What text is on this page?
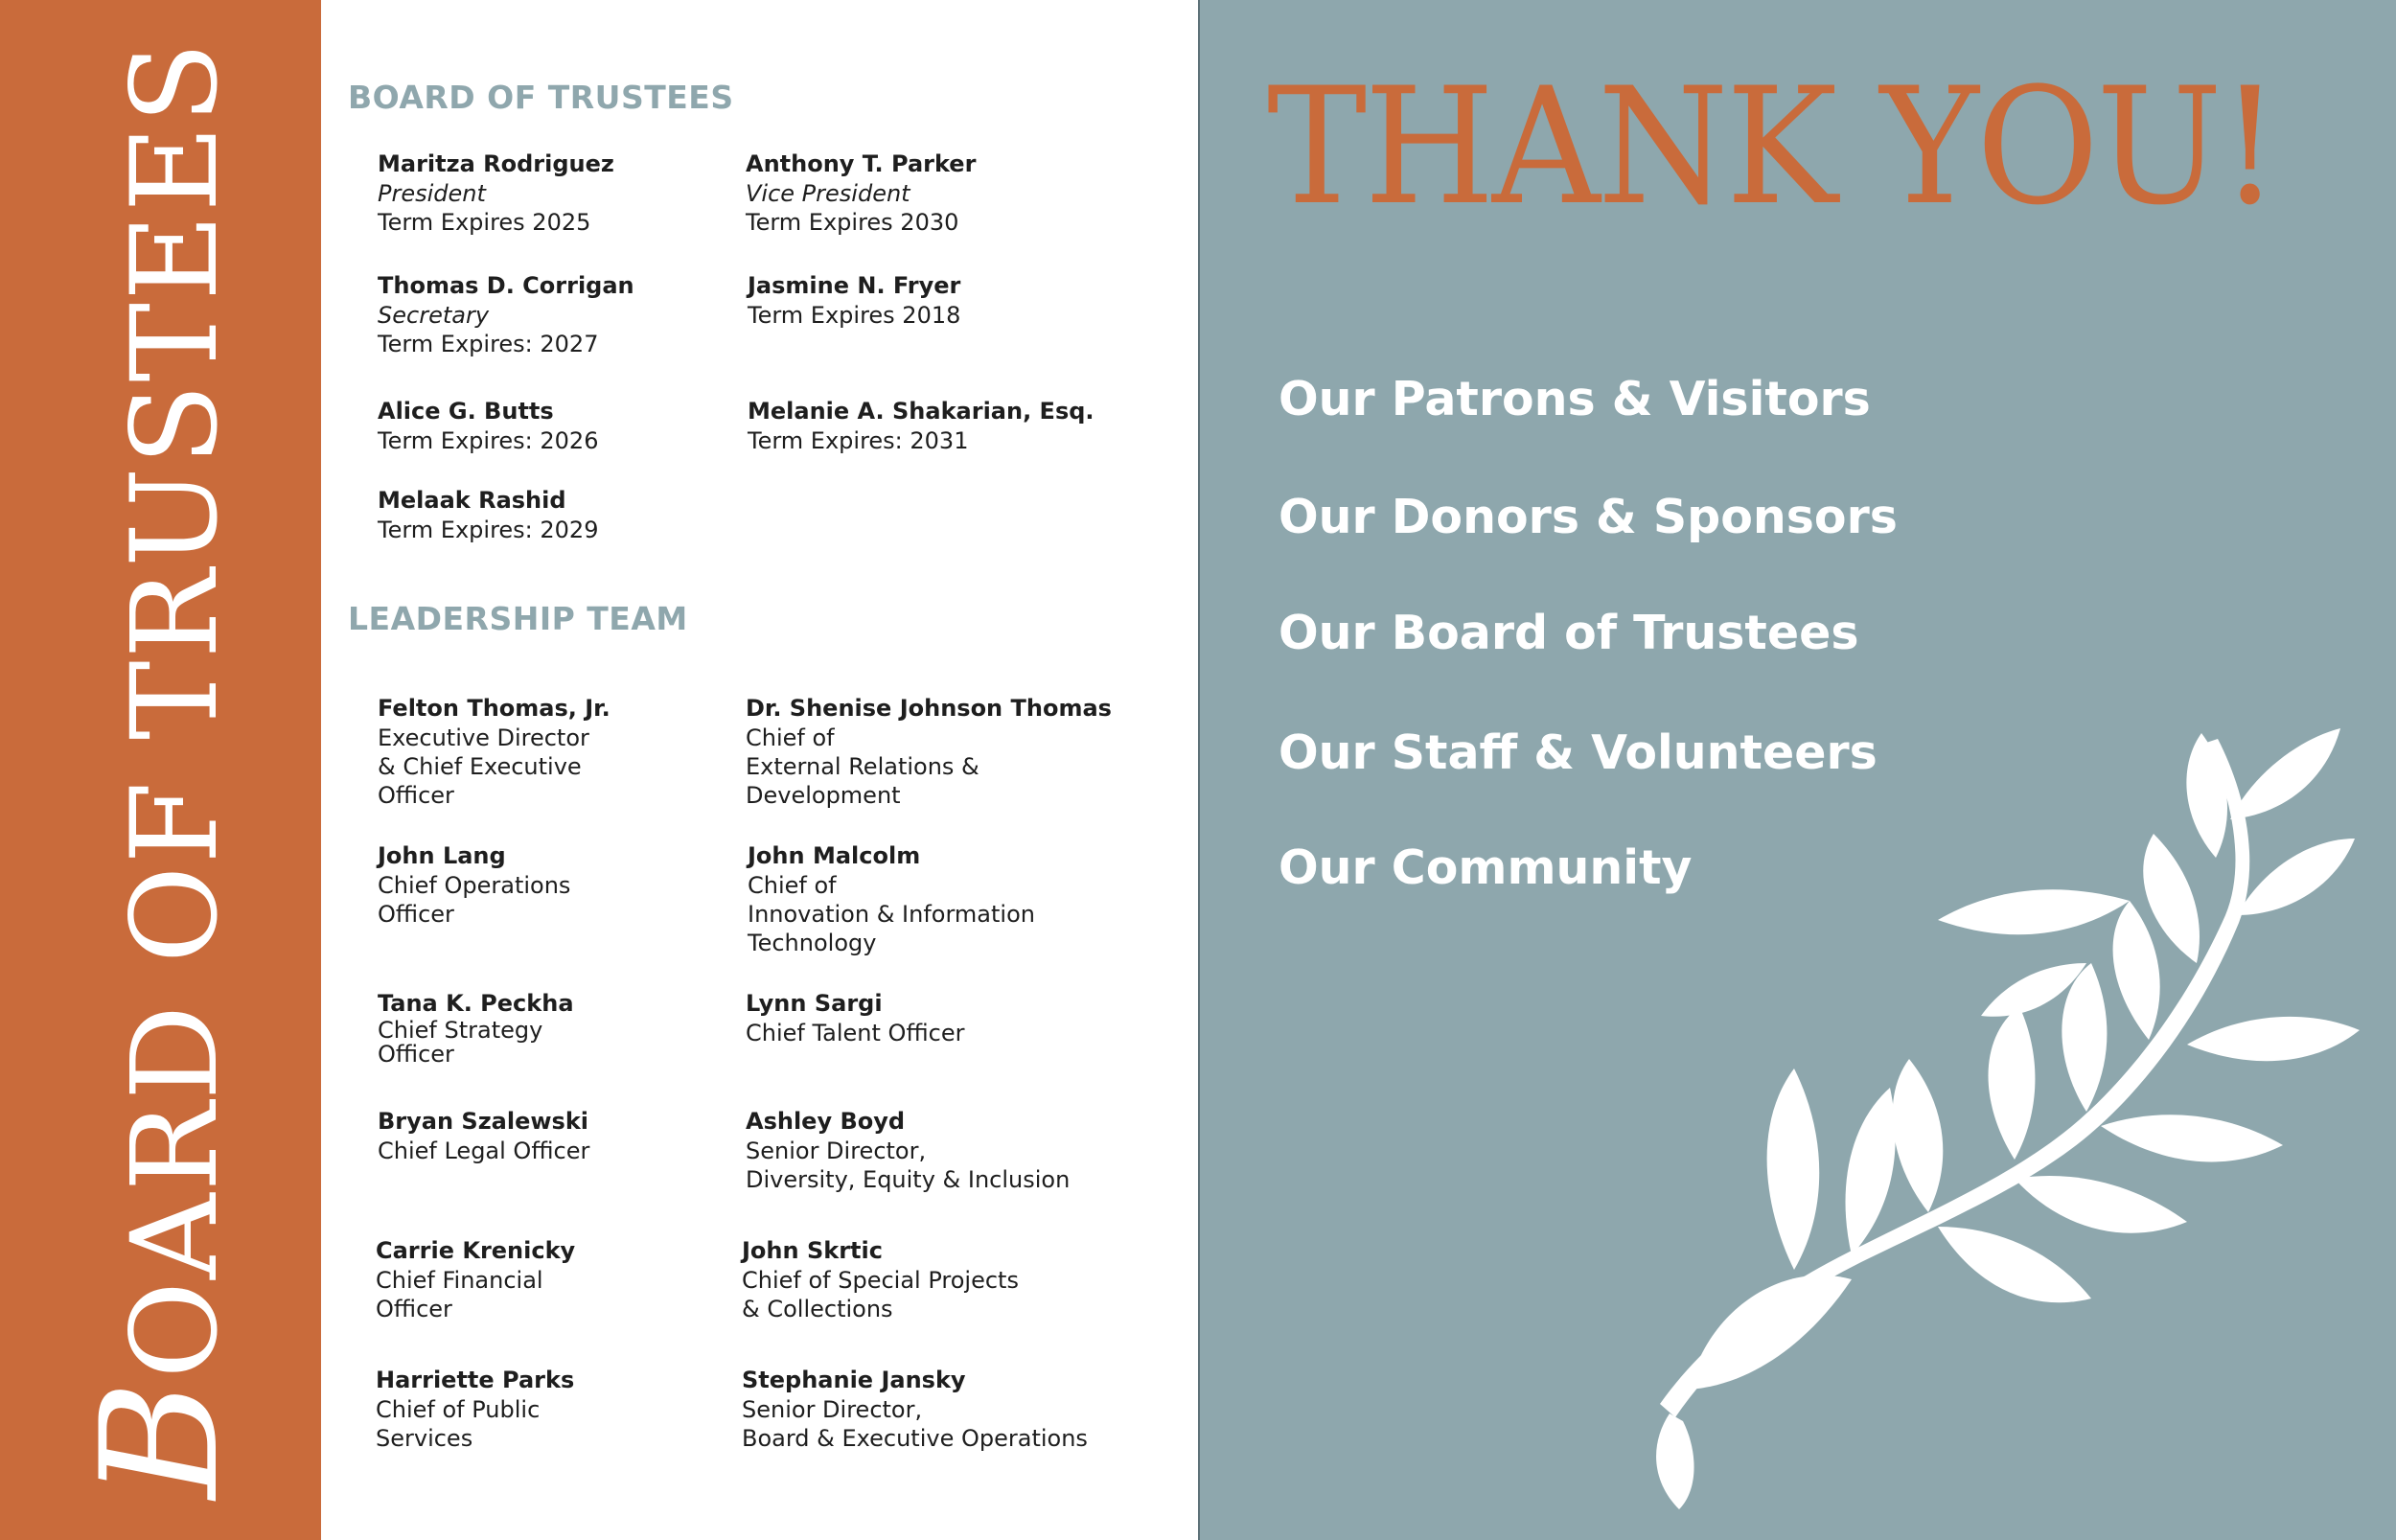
BOARD OF TRUSTEES	BOARD OF TRUSTEES
Maritza Rodriguez
President
Term Expires 2025
Anthony T. Parker
Vice President
Term Expires 2030
Thomas D. Corrigan
Secretary
Term Expires: 2027
Jasmine N. Fryer
Term Expires 2018
Alice G. Butts
Term Expires: 2026
Melanie A. Shakarian, Esq.
Term Expires: 2031
Melaak Rashid
Term Expires: 2029
LEADERSHIP TEAM
Felton Thomas, Jr.
Executive Director
& Chief Executive
Officer
Dr. Shenise Johnson Thomas
Chief of
External Relations &
Development
John Lang
Chief Operations
Officer
John Malcolm
Chief of
Innovation & Information
Technology
Tana K. Peckha
Chief Strategy
Officer
Lynn Sargi
Chief Talent Officer
Bryan Szalewski
Chief Legal Officer
Ashley Boyd
Senior Director,
Diversity, Equity & Inclusion
Carrie Krenicky
Chief Financial
Officer
John Skrtic
Chief of Special Projects
& Collections
Harriette Parks
Chief of Public
Services
Stephanie Jansky
Senior Director,
Board & Executive Operations
THANK YOU!
Our Patrons & Visitors
Our Donors & Sponsors
Our Board of Trustees
Our Staff & Volunteers
Our Community
